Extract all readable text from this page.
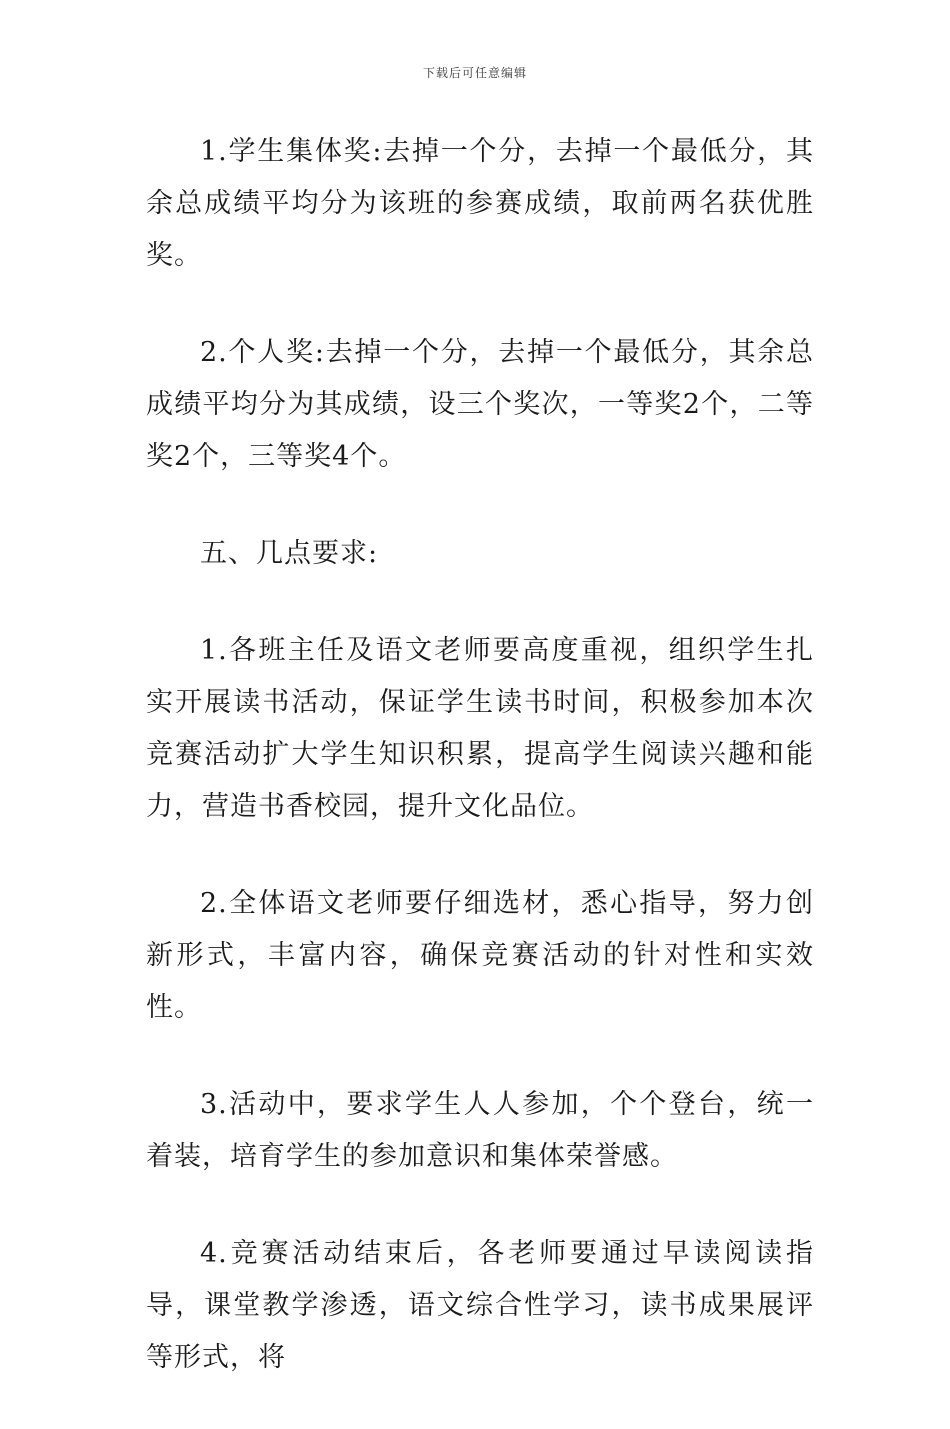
下载后可任意编辑

1.学生集体奖:去掉一个分，去掉一个最低分，其余总成绩平均分为该班的参赛成绩，取前两名获优胜奖。

2.个人奖:去掉一个分，去掉一个最低分，其余总成绩平均分为其成绩，设三个奖次，一等奖2个，二等奖2个，三等奖4个。

五、几点要求:

1.各班主任及语文老师要高度重视，组织学生扎实开展读书活动，保证学生读书时间，积极参加本次竞赛活动扩大学生知识积累，提高学生阅读兴趣和能力，营造书香校园，提升文化品位。

2.全体语文老师要仔细选材，悉心指导，努力创新形式，丰富内容，确保竞赛活动的针对性和实效性。

3.活动中，要求学生人人参加，个个登台，统一着装，培育学生的参加意识和集体荣誉感。

4.竞赛活动结束后，各老师要通过早读阅读指导，课堂教学渗透，语文综合性学习，读书成果展评等形式，将
